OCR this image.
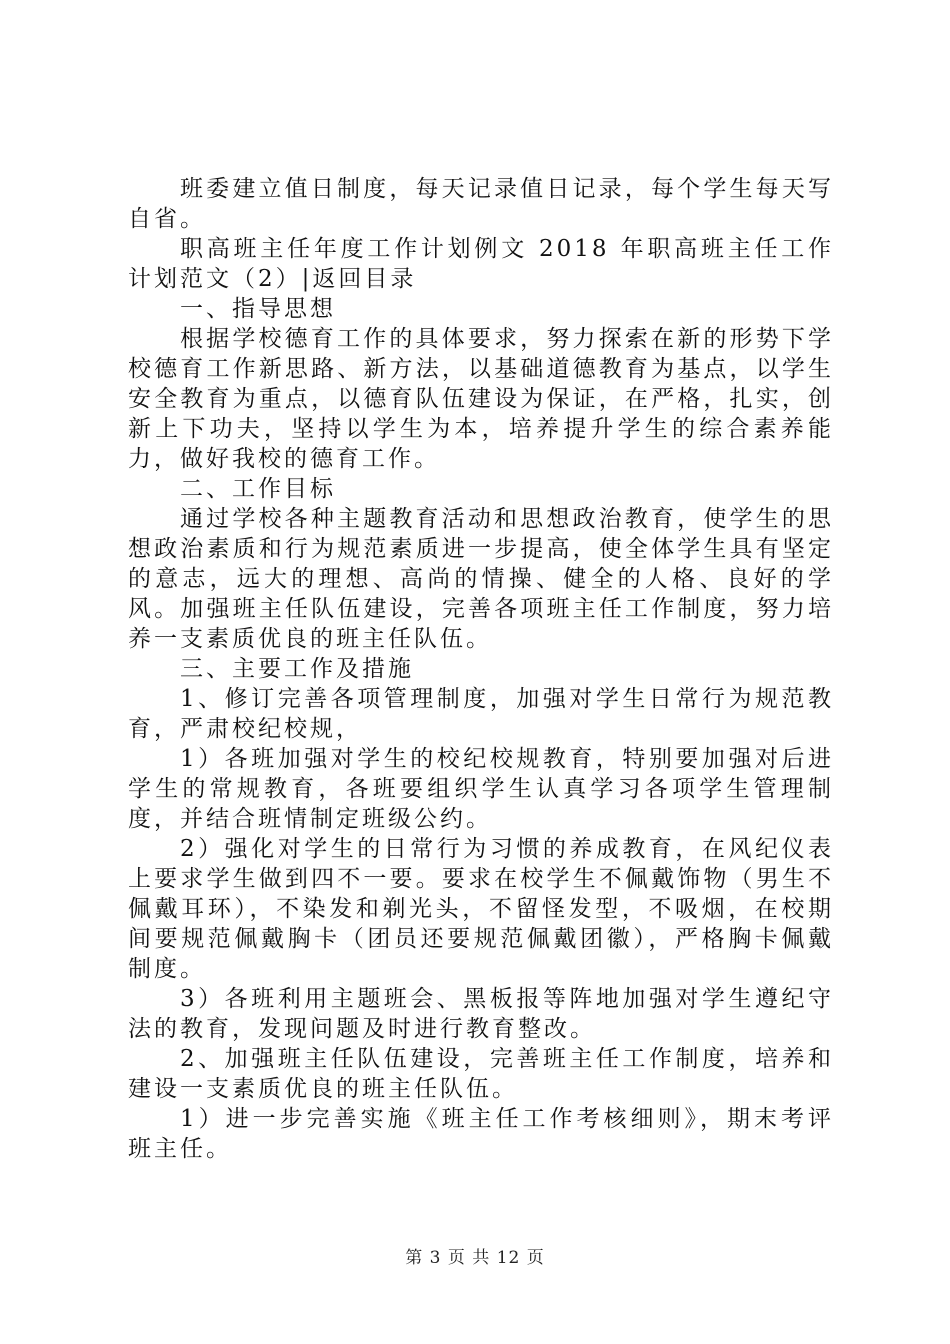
班委建立值日制度，每天记录值日记录，每个学生每天写自省。

职高班主任年度工作计划例文 2018 年职高班主任工作计划范文（2）|返回目录

一、指导思想

根据学校德育工作的具体要求，努力探索在新的形势下学校德育工作新思路、新方法，以基础道德教育为基点，以学生安全教育为重点，以德育队伍建设为保证，在严格，扎实，创新上下功夫，坚持以学生为本，培养提升学生的综合素养能力，做好我校的德育工作。

二、工作目标

通过学校各种主题教育活动和思想政治教育，使学生的思想政治素质和行为规范素质进一步提高，使全体学生具有坚定的意志，远大的理想、高尚的情操、健全的人格、良好的学风。加强班主任队伍建设，完善各项班主任工作制度，努力培养一支素质优良的班主任队伍。

三、主要工作及措施

1、修订完善各项管理制度，加强对学生日常行为规范教育，严肃校纪校规，

1）各班加强对学生的校纪校规教育，特别要加强对后进学生的常规教育，各班要组织学生认真学习各项学生管理制度，并结合班情制定班级公约。

2）强化对学生的日常行为习惯的养成教育，在风纪仪表上要求学生做到四不一要。要求在校学生不佩戴饰物（男生不佩戴耳环），不染发和剃光头，不留怪发型，不吸烟，在校期间要规范佩戴胸卡（团员还要规范佩戴团徽），严格胸卡佩戴制度。

3）各班利用主题班会、黑板报等阵地加强对学生遵纪守法的教育，发现问题及时进行教育整改。

2、加强班主任队伍建设，完善班主任工作制度，培养和建设一支素质优良的班主任队伍。

1）进一步完善实施《班主任工作考核细则》，期末考评班主任。

第 3 页 共 12 页
